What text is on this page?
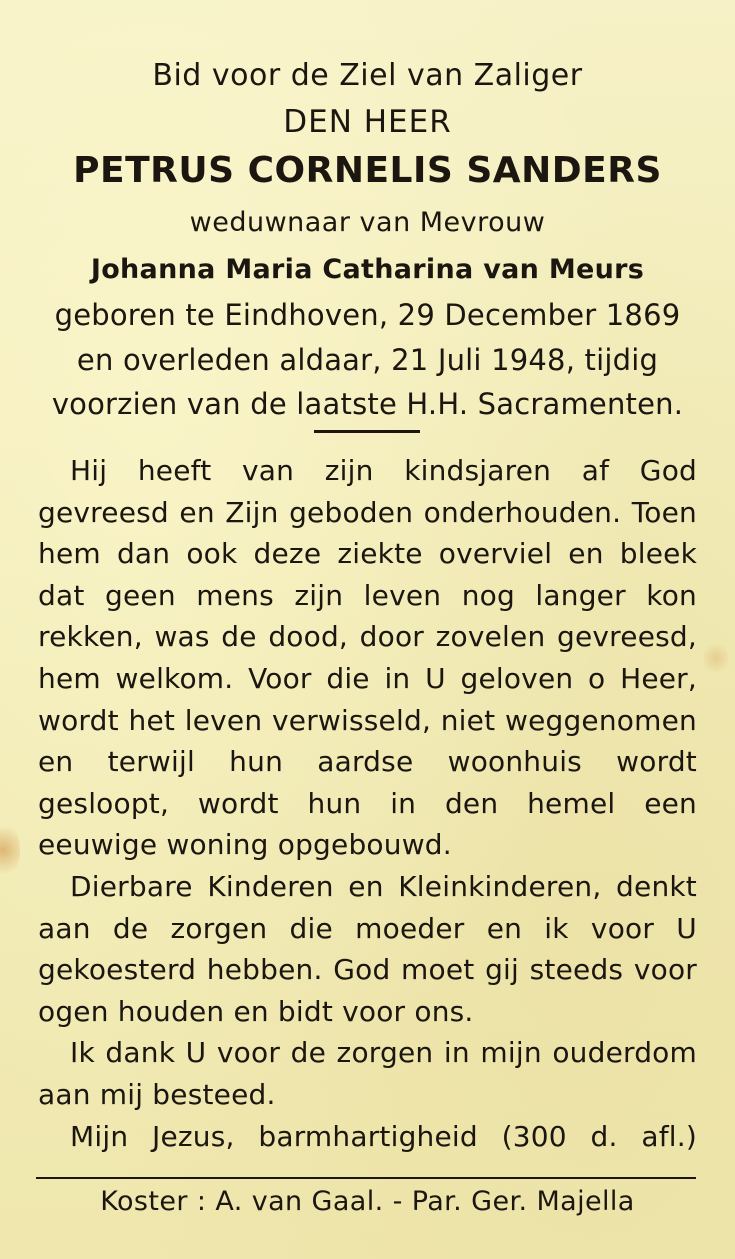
Bid voor de Ziel van Zaliger
DEN HEER
PETRUS CORNELIS SANDERS
weduwnaar van Mevrouw
Johanna Maria Catharina van Meurs
geboren te Eindhoven, 29 December 1869
en overleden aldaar, 21 Juli 1948, tijdig
voorzien van de laatste H.H. Sacramenten.

Hij heeft van zijn kindsjaren af God gevreesd en Zijn geboden onderhouden. Toen hem dan ook deze ziekte overviel en bleek dat geen mens zijn leven nog langer kon rekken, was de dood, door zovelen gevreesd, hem welkom. Voor die in U geloven o Heer, wordt het leven verwisseld, niet weggenomen en terwijl hun aardse woonhuis wordt gesloopt, wordt hun in den hemel een eeuwige woning opgebouwd.

Dierbare Kinderen en Kleinkinderen, denkt aan de zorgen die moeder en ik voor U gekoesterd hebben. God moet gij steeds voor ogen houden en bidt voor ons.

Ik dank U voor de zorgen in mijn ouderdom aan mij besteed.

Mijn Jezus, barmhartigheid (300 d. afl.)

Koster : A. van Gaal. - Par. Ger. Majella
